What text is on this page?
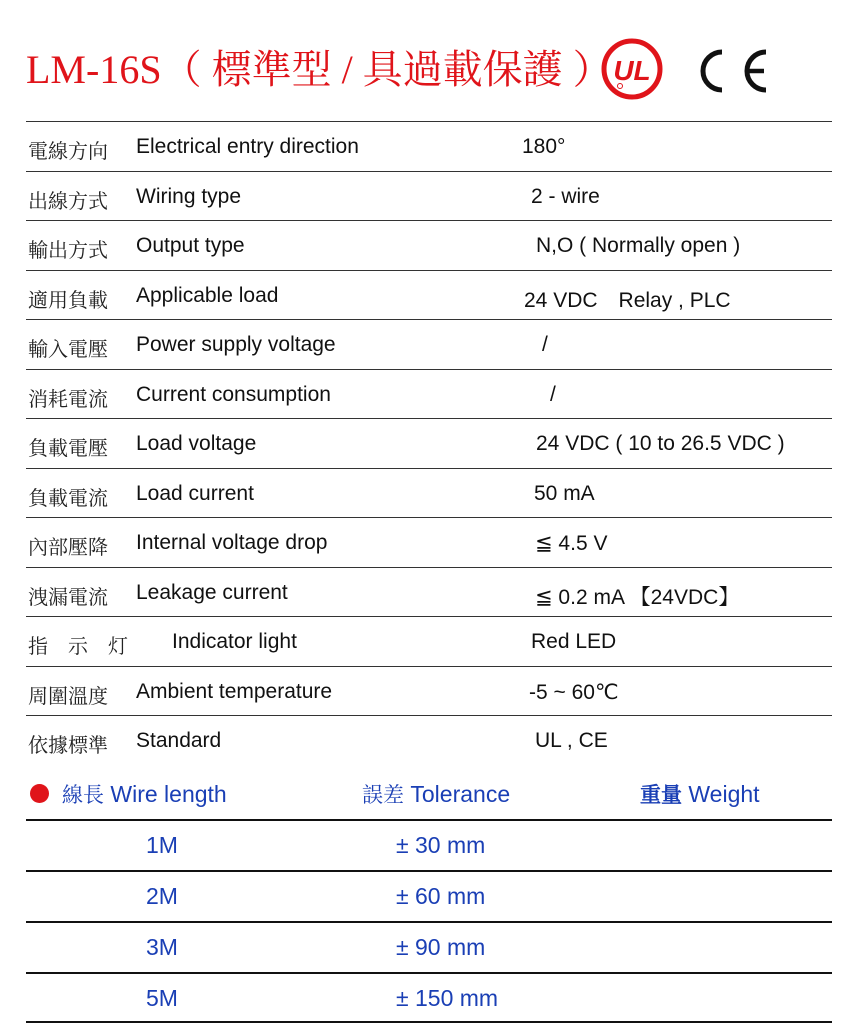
LM-16S（ 標準型 / 具過載保護 ） UL
電線方向 Electrical entry direction	180°
出線方式 Wiring type	2 - wire
輸出方式 Output type	N,O ( Normally open )
適用負載 Applicable load	24 VDC　Relay , PLC
輸入電壓 Power supply voltage	/
消耗電流 Current consumption	/
負載電壓 Load voltage	24 VDC ( 10 to 26.5 VDC )
負載電流 Load current	50 mA
內部壓降 Internal voltage drop	≦ 4.5 V
洩漏電流 Leakage current	≦ 0.2 mA 【24VDC】
指　示　灯 Indicator light	Red LED
周圍溫度 Ambient temperature	-5 ~ 60℃
依據標準 Standard	UL , CE
線長 Wire length	誤差 Tolerance	重量 Weight
1M	± 30 mm
2M	± 60 mm
3M	± 90 mm
5M	± 150 mm
